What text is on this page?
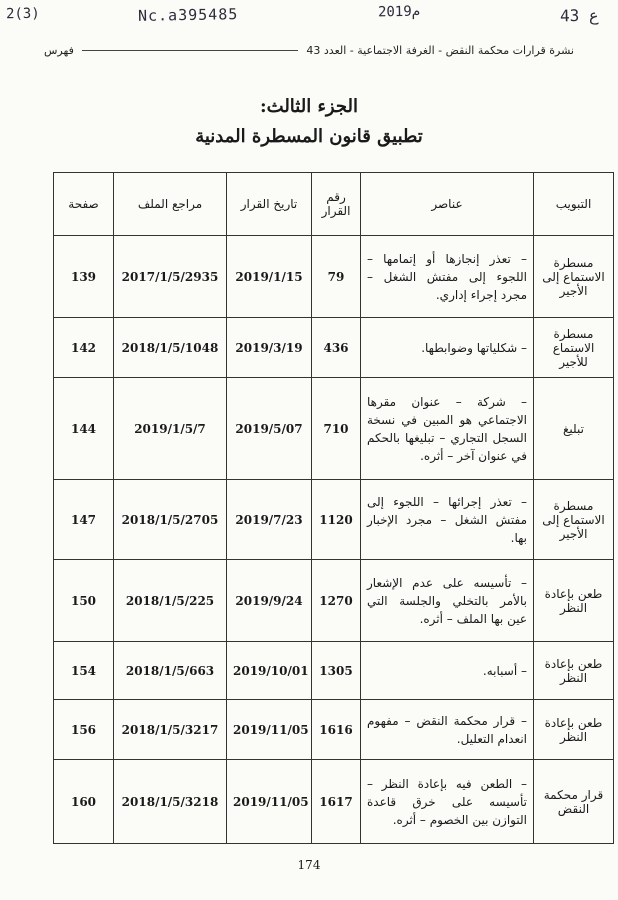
2(3)	Nc.a395485	2019م	43 ع
نشرة قرارات محكمة النقض - الغرفة الاجتماعية - العدد 43
فهرس
الجزء الثالث:
تطبيق قانون المسطرة المدنية
التبويب	عناصر	رقم القرار	تاريخ القرار	مراجع الملف	صفحة
مسطرة الاستماع إلى الأجير	– تعذر إنجازها أو إتمامها – اللجوء إلى مفتش الشغل – مجرد إجراء إداري.	79	2019/1/15	2017/1/5/2935	139
مسطرة الاستماع للأجير	– شكلياتها وضوابطها.	436	2019/3/19	2018/1/5/1048	142
تبليغ	– شركة – عنوان مقرها الاجتماعي هو المبين في نسخة السجل التجاري – تبليغها بالحكم في عنوان آخر – أثره.	710	2019/5/07	2019/1/5/7	144
مسطرة الاستماع إلى الأجير	– تعذر إجرائها – اللجوء إلى مفتش الشغل – مجرد الإخبار بها.	1120	2019/7/23	2018/1/5/2705	147
طعن بإعادة النظر	– تأسيسه على عدم الإشعار بالأمر بالتخلي والجلسة التي عين بها الملف – أثره.	1270	2019/9/24	2018/1/5/225	150
طعن بإعادة النظر	– أسبابه.	1305	2019/10/01	2018/1/5/663	154
طعن بإعادة النظر	– قرار محكمة النقض – مفهوم انعدام التعليل.	1616	2019/11/05	2018/1/5/3217	156
قرار محكمة النقض	– الطعن فيه بإعادة النظر – تأسيسه على خرق قاعدة التوازن بين الخصوم – أثره.	1617	2019/11/05	2018/1/5/3218	160
174
